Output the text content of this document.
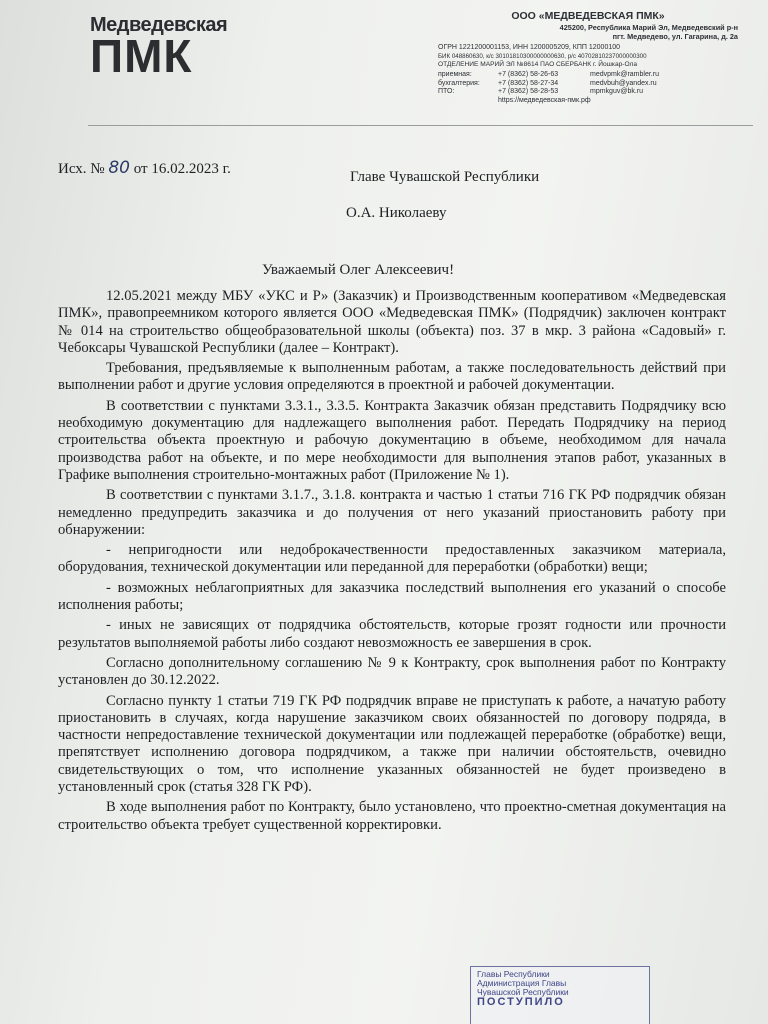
Медведевская
ПМК
ООО «МЕДВЕДЕВСКАЯ ПМК»
425200, Республика Марий Эл, Медведевский р-н
пгт. Медведево, ул. Гагарина, д. 2а
ОГРН 1221200001153, ИНН 1200005209, КПП 12000100
БИК 048860630, к/с 30101810300000000630, р/с 40702810237000000300
ОТДЕЛЕНИЕ МАРИЙ ЭЛ №8614 ПАО СБЕРБАНК г. Йошкар-Ола
приемная:	+7 (8362) 58-26-63	medvpmk@rambler.ru
бухгалтерия:	+7 (8362) 58-27-34	medvbuh@yandex.ru
ПТО:	+7 (8362) 58-28-53	mpmkguv@bk.ru
https://медведевская-пмк.рф
Исх. № 80 от 16.02.2023 г.	Главе Чувашской Республики
О.А. Николаеву
Уважаемый Олег Алексеевич!

12.05.2021 между МБУ «УКС и Р» (Заказчик) и Производственным кооперативом «Медведевская ПМК», правопреемником которого является ООО «Медведевская ПМК» (Подрядчик) заключен контракт № 014 на строительство общеобразовательной школы (объекта) поз. 37 в мкр. 3 района «Садовый» г. Чебоксары Чувашской Республики (далее – Контракт).

Требования, предъявляемые к выполненным работам, а также последовательность действий при выполнении работ и другие условия определяются в проектной и рабочей документации.

В соответствии с пунктами 3.3.1., 3.3.5. Контракта Заказчик обязан представить Подрядчику всю необходимую документацию для надлежащего выполнения работ. Передать Подрядчику на период строительства объекта проектную и рабочую документацию в объеме, необходимом для начала производства работ на объекте, и по мере необходимости для выполнения этапов работ, указанных в Графике выполнения строительно-монтажных работ (Приложение № 1).

В соответствии с пунктами 3.1.7., 3.1.8. контракта и частью 1 статьи 716 ГК РФ подрядчик обязан немедленно предупредить заказчика и до получения от него указаний приостановить работу при обнаружении:

- непригодности или недоброкачественности предоставленных заказчиком материала, оборудования, технической документации или переданной для переработки (обработки) вещи;

- возможных неблагоприятных для заказчика последствий выполнения его указаний о способе исполнения работы;

- иных не зависящих от подрядчика обстоятельств, которые грозят годности или прочности результатов выполняемой работы либо создают невозможность ее завершения в срок.

Согласно дополнительному соглашению № 9 к Контракту, срок выполнения работ по Контракту установлен до 30.12.2022.

Согласно пункту 1 статьи 719 ГК РФ подрядчик вправе не приступать к работе, а начатую работу приостановить в случаях, когда нарушение заказчиком своих обязанностей по договору подряда, в частности непредоставление технической документации или подлежащей переработке (обработке) вещи, препятствует исполнению договора подрядчиком, а также при наличии обстоятельств, очевидно свидетельствующих о том, что исполнение указанных обязанностей не будет произведено в установленный срок (статья 328 ГК РФ).

В ходе выполнения работ по Контракту, было установлено, что проектно-сметная документация на строительство объекта требует существенной корректировки.

Главы Республики
Администрация Главы
Чувашской Республики
ПОСТУПИЛО
